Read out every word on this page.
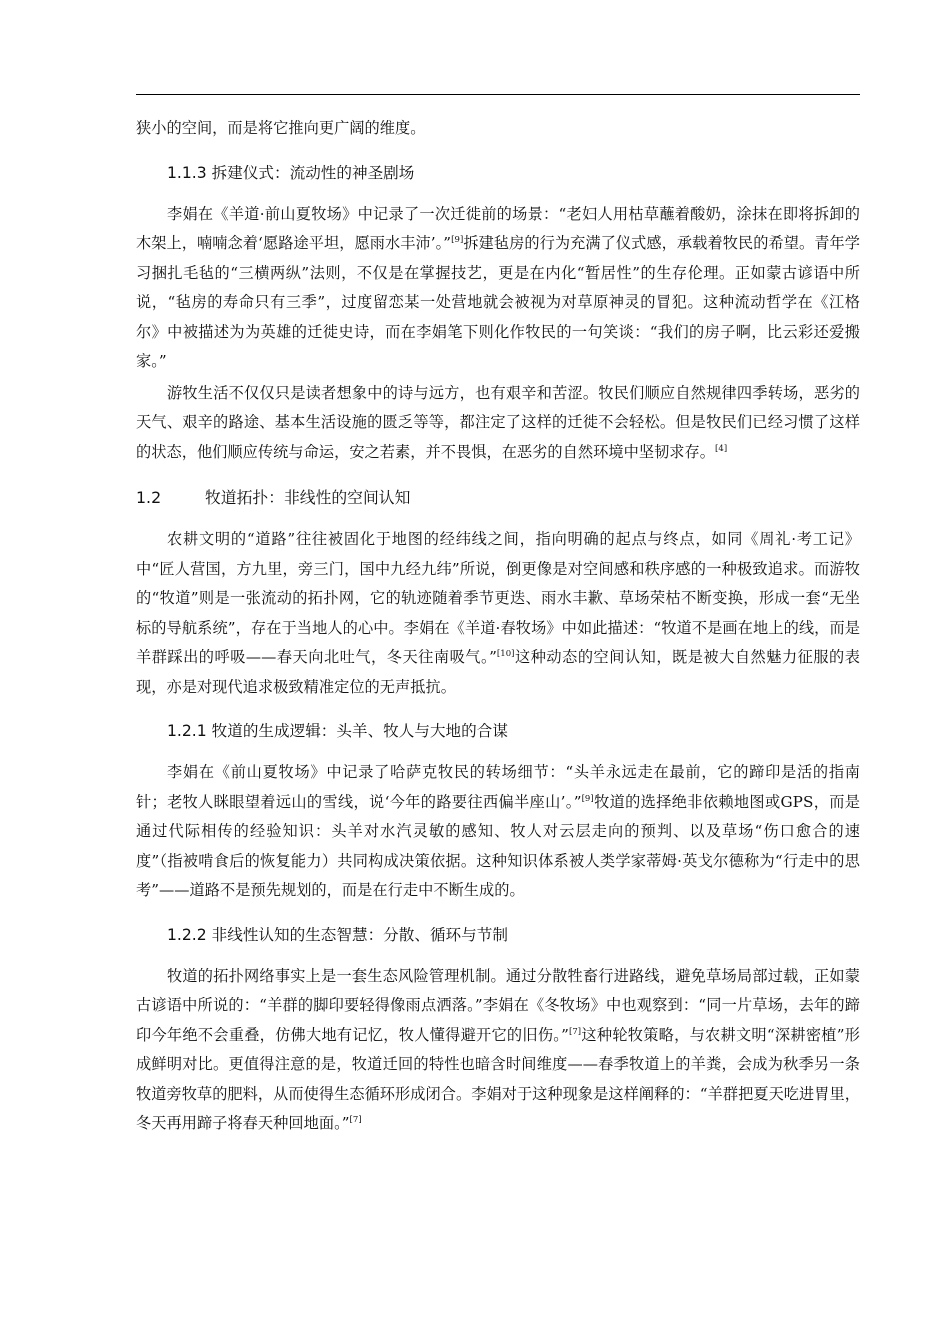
狭小的空间，而是将它推向更广阔的维度。

1.1.3 拆建仪式：流动性的神圣剧场

李娟在《羊道·前山夏牧场》中记录了一次迁徙前的场景：“老妇人用枯草蘸着酸奶，涂抹在即将拆卸的木架上，喃喃念着‘愿路途平坦，愿雨水丰沛’。”[9]拆建毡房的行为充满了仪式感，承载着牧民的希望。青年学习捆扎毛毡的“三横两纵”法则，不仅是在掌握技艺，更是在内化“暂居性”的生存伦理。正如蒙古谚语中所说，“毡房的寿命只有三季”，过度留恋某一处营地就会被视为对草原神灵的冒犯。这种流动哲学在《江格尔》中被描述为为英雄的迁徙史诗，而在李娟笔下则化作牧民的一句笑谈：“我们的房子啊，比云彩还爱搬家。”

游牧生活不仅仅只是读者想象中的诗与远方，也有艰辛和苦涩。牧民们顺应自然规律四季转场，恶劣的天气、艰辛的路途、基本生活设施的匮乏等等，都注定了这样的迁徙不会轻松。但是牧民们已经习惯了这样的状态，他们顺应传统与命运，安之若素，并不畏惧，在恶劣的自然环境中坚韧求存。[4]

1.2	牧道拓扑：非线性的空间认知

农耕文明的“道路”往往被固化于地图的经纬线之间，指向明确的起点与终点，如同《周礼·考工记》中“匠人营国，方九里，旁三门，国中九经九纬”所说，倒更像是对空间感和秩序感的一种极致追求。而游牧的“牧道”则是一张流动的拓扑网，它的轨迹随着季节更迭、雨水丰歉、草场荣枯不断变换，形成一套“无坐标的导航系统”，存在于当地人的心中。李娟在《羊道·春牧场》中如此描述：“牧道不是画在地上的线，而是羊群踩出的呼吸——春天向北吐气，冬天往南吸气。”[10]这种动态的空间认知，既是被大自然魅力征服的表现，亦是对现代追求极致精准定位的无声抵抗。

1.2.1 牧道的生成逻辑：头羊、牧人与大地的合谋

李娟在《前山夏牧场》中记录了哈萨克牧民的转场细节：“头羊永远走在最前，它的蹄印是活的指南针；老牧人眯眼望着远山的雪线，说‘今年的路要往西偏半座山’。”[9]牧道的选择绝非依赖地图或GPS，而是通过代际相传的经验知识：头羊对水汽灵敏的感知、牧人对云层走向的预判、以及草场“伤口愈合的速度”（指被啃食后的恢复能力）共同构成决策依据。这种知识体系被人类学家蒂姆·英戈尔德称为“行走中的思考”——道路不是预先规划的，而是在行走中不断生成的。

1.2.2 非线性认知的生态智慧：分散、循环与节制

牧道的拓扑网络事实上是一套生态风险管理机制。通过分散牲畜行进路线，避免草场局部过载，正如蒙古谚语中所说的：“羊群的脚印要轻得像雨点洒落。”李娟在《冬牧场》中也观察到：“同一片草场，去年的蹄印今年绝不会重叠，仿佛大地有记忆，牧人懂得避开它的旧伤。”[7]这种轮牧策略，与农耕文明“深耕密植”形成鲜明对比。更值得注意的是，牧道迁回的特性也暗含时间维度——春季牧道上的羊粪，会成为秋季另一条牧道旁牧草的肥料，从而使得生态循环形成闭合。李娟对于这种现象是这样阐释的：“羊群把夏天吃进胃里，冬天再用蹄子将春天种回地面。”[7]
